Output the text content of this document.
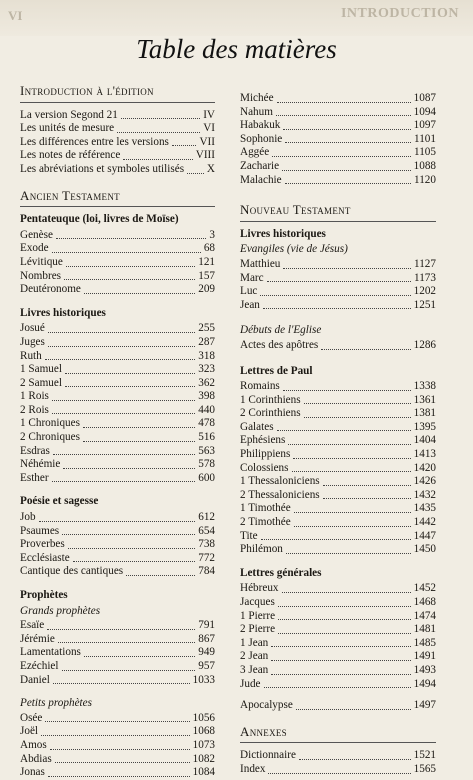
VI	INTRODUCTION
Table des matières
Introduction à l'édition
La version Segond 21	IV
Les unités de mesure	VI
Les différences entre les versions	VII
Les notes de référence	VIII
Les abréviations et symboles utilisés X
Ancien Testament
Pentateuque (loi, livres de Moïse)
Genèse	3
Exode	68
Lévitique	121
Nombres	157
Deutéronome	209
Livres historiques
Josué	255
Juges	287
Ruth	318
1 Samuel	323
2 Samuel	362
1 Rois	398
2 Rois	440
1 Chroniques	478
2 Chroniques	516
Esdras	563
Néhémie	578
Esther	600
Poésie et sagesse
Job	612
Psaumes	654
Proverbes	738
Ecclésiaste	772
Cantique des cantiques	784
Prophètes
Grands prophètes
Esaïe	791
Jérémie	867
Lamentations	949
Ezéchiel	957
Daniel	1033
Petits prophètes
Osée	1056
Joël	1068
Amos	1073
Abdias	1082
Jonas	1084
Michée	1087
Nahum	1094
Habakuk	1097
Sophonie	1101
Aggée	1105
Zacharie	1088
Malachie	1120
Nouveau Testament
Livres historiques
Evangiles (vie de Jésus)
Matthieu	1127
Marc	1173
Luc	1202
Jean	1251
Débuts de l'Eglise
Actes des apôtres	1286
Lettres de Paul
Romains	1338
1 Corinthiens	1361
2 Corinthiens	1381
Galates	1395
Ephésiens	1404
Philippiens	1413
Colossiens	1420
1 Thessaloniciens	1426
2 Thessaloniciens	1432
1 Timothée	1435
2 Timothée	1442
Tite	1447
Philémon	1450
Lettres générales
Hébreux	1452
Jacques	1468
1 Pierre	1474
2 Pierre	1481
1 Jean	1485
2 Jean	1491
3 Jean	1493
Jude	1494
Apocalypse	1497
Annexes
Dictionnaire	1521
Index	1565
